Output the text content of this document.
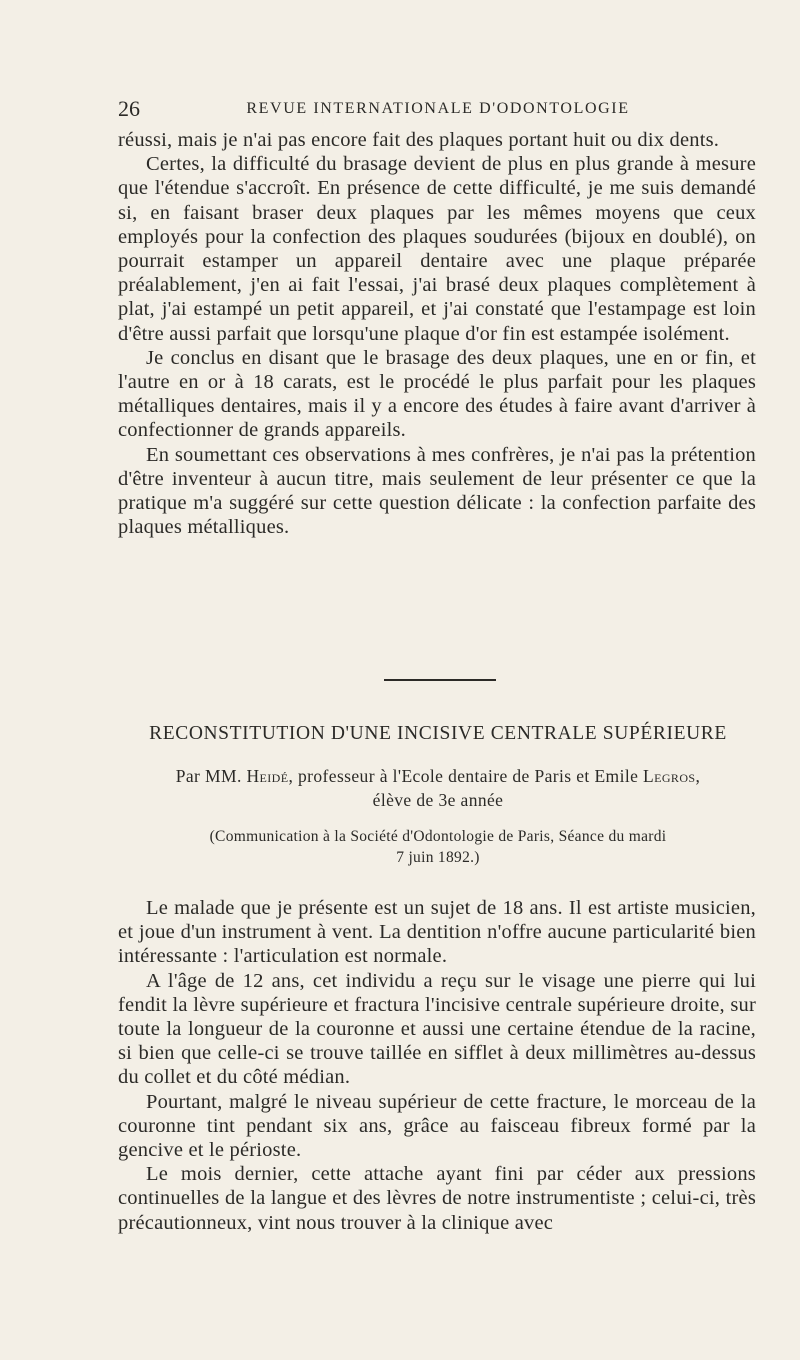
26	REVUE INTERNATIONALE D'ODONTOLOGIE

réussi, mais je n'ai pas encore fait des plaques portant huit ou dix dents.

Certes, la difficulté du brasage devient de plus en plus grande à mesure que l'étendue s'accroît. En présence de cette difficulté, je me suis demandé si, en faisant braser deux plaques par les mêmes moyens que ceux employés pour la confection des plaques soudurées (bijoux en doublé), on pourrait estamper un appareil dentaire avec une plaque préparée préalablement, j'en ai fait l'essai, j'ai brasé deux plaques complètement à plat, j'ai estampé un petit appareil, et j'ai constaté que l'estampage est loin d'être aussi parfait que lorsqu'une plaque d'or fin est estampée isolément.

Je conclus en disant que le brasage des deux plaques, une en or fin, et l'autre en or à 18 carats, est le procédé le plus parfait pour les plaques métalliques dentaires, mais il y a encore des études à faire avant d'arriver à confectionner de grands appareils.

En soumettant ces observations à mes confrères, je n'ai pas la prétention d'être inventeur à aucun titre, mais seulement de leur présenter ce que la pratique m'a suggéré sur cette question délicate : la confection parfaite des plaques métalliques.

RECONSTITUTION D'UNE INCISIVE CENTRALE SUPÉRIEURE
Par MM. Heidé, professeur à l'Ecole dentaire de Paris et Emile Legros,
élève de 3e année
(Communication à la Société d'Odontologie de Paris, Séance du mardi
7 juin 1892.)

Le malade que je présente est un sujet de 18 ans. Il est artiste musicien, et joue d'un instrument à vent. La dentition n'offre aucune particularité bien intéressante : l'articulation est normale.

A l'âge de 12 ans, cet individu a reçu sur le visage une pierre qui lui fendit la lèvre supérieure et fractura l'incisive centrale supérieure droite, sur toute la longueur de la couronne et aussi une certaine étendue de la racine, si bien que celle-ci se trouve taillée en sifflet à deux millimètres au-dessus du collet et du côté médian.

Pourtant, malgré le niveau supérieur de cette fracture, le morceau de la couronne tint pendant six ans, grâce au faisceau fibreux formé par la gencive et le périoste.

Le mois dernier, cette attache ayant fini par céder aux pressions continuelles de la langue et des lèvres de notre instrumentiste ; celui-ci, très précautionneux, vint nous trouver à la clinique avec
